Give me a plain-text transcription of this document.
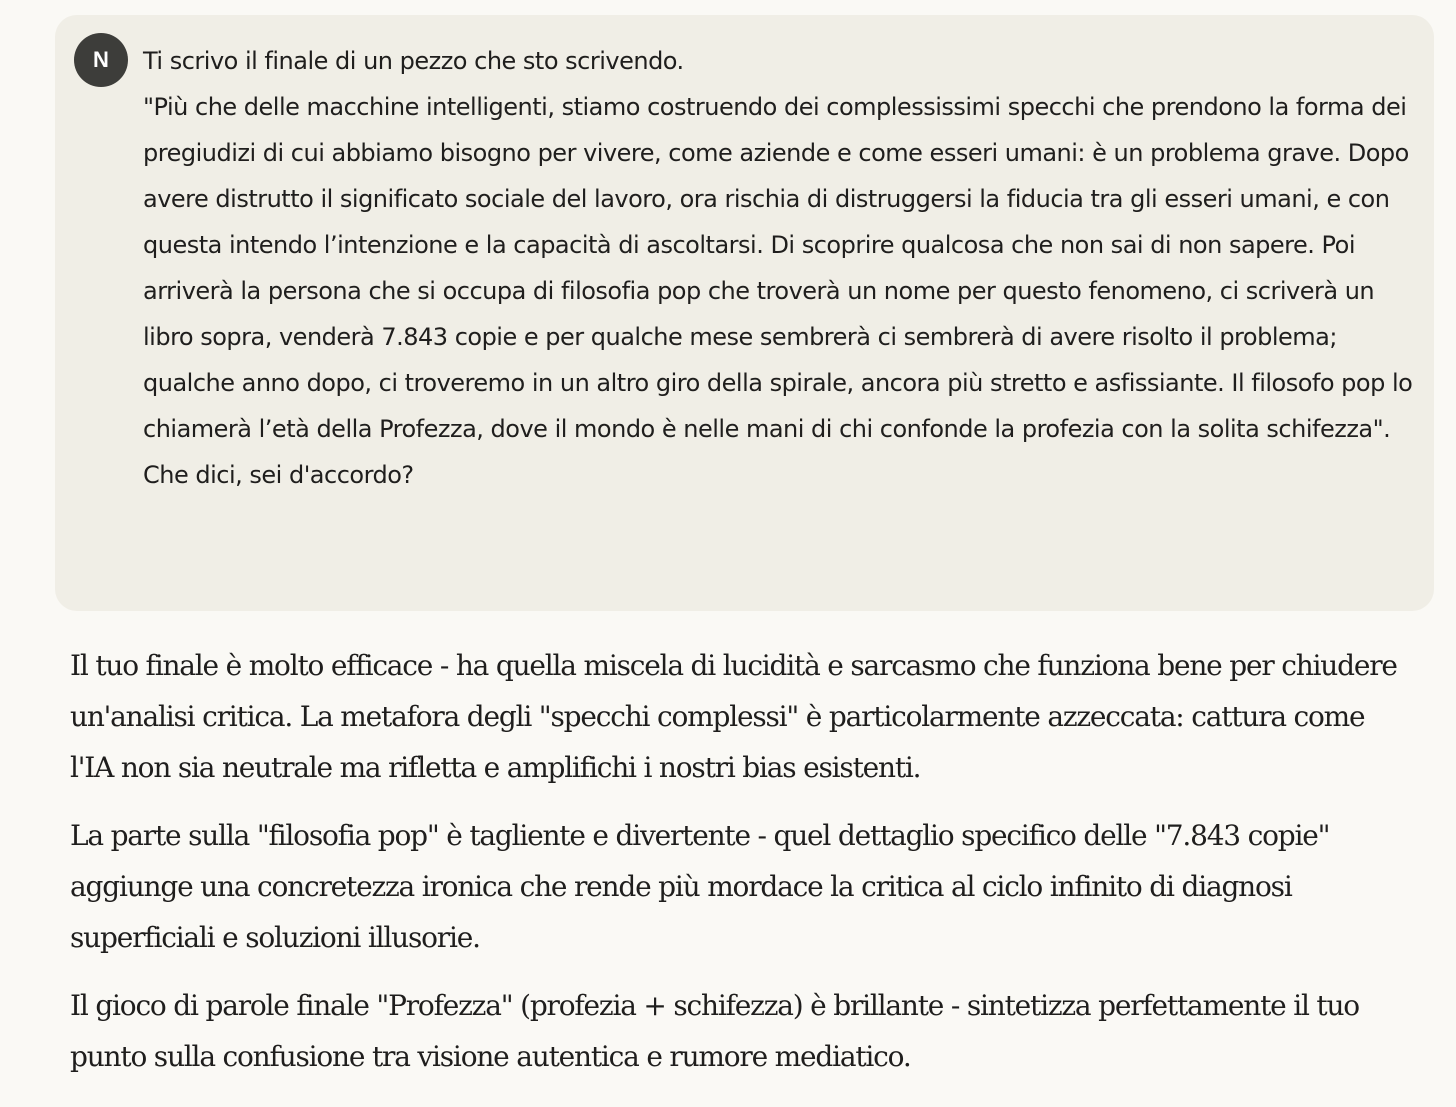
N	Ti scrivo il finale di un pezzo che sto scrivendo.
"Più che delle macchine intelligenti, stiamo costruendo dei complessissimi specchi che prendono la forma dei pregiudizi di cui abbiamo bisogno per vivere, come aziende e come esseri umani: è un problema grave. Dopo avere distrutto il significato sociale del lavoro, ora rischia di distruggersi la fiducia tra gli esseri umani, e con questa intendo l’intenzione e la capacità di ascoltarsi. Di scoprire qualcosa che non sai di non sapere. Poi arriverà la persona che si occupa di filosofia pop che troverà un nome per questo fenomeno, ci scriverà un libro sopra, venderà 7.843 copie e per qualche mese sembrerà ci sembrerà di avere risolto il problema; qualche anno dopo, ci troveremo in un altro giro della spirale, ancora più stretto e asfissiante. Il filosofo pop lo chiamerà l’età della Profezza, dove il mondo è nelle mani di chi confonde la profezia con la solita schifezza".
Che dici, sei d'accordo?

Il tuo finale è molto efficace - ha quella miscela di lucidità e sarcasmo che funziona bene per chiudere un'analisi critica. La metafora degli "specchi complessi" è particolarmente azzeccata: cattura come l'IA non sia neutrale ma rifletta e amplifichi i nostri bias esistenti.

La parte sulla "filosofia pop" è tagliente e divertente - quel dettaglio specifico delle "7.843 copie" aggiunge una concretezza ironica che rende più mordace la critica al ciclo infinito di diagnosi superficiali e soluzioni illusorie.

Il gioco di parole finale "Profezza" (profezia + schifezza) è brillante - sintetizza perfettamente il tuo punto sulla confusione tra visione autentica e rumore mediatico.
